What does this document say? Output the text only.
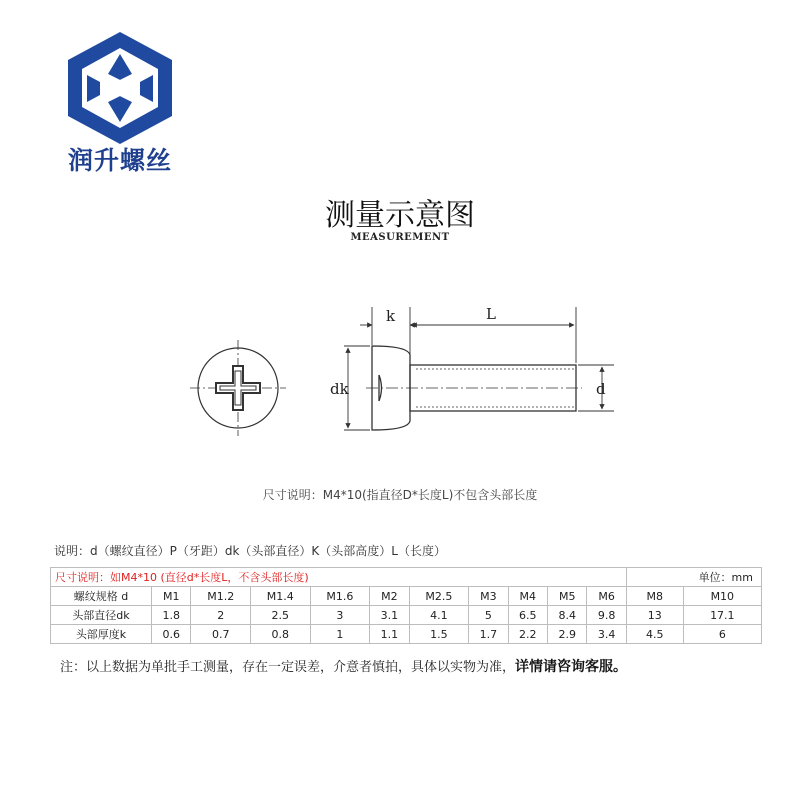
润升螺丝
测量示意图
MEASUREMENT
k	L
dk	d
尺寸说明：M4*10(指直径D*长度L)不包含头部长度
说明：d（螺纹直径）P（牙距）dk（头部直径）K（头部高度）L（长度）
尺寸说明：如M4*10 (直径d*长度L，不含头部长度)											单位：mm	
螺纹规格 d	M1	M1.2	M1.4	M1.6	M2	M2.5	M3	M4	M5	M6	M8	M10
头部直径dk	1.8	2	2.5	3	3.1	4.1	5	6.5	8.4	9.8	13	17.1
头部厚度k	0.6	0.7	0.8	1	1.1	1.5	1.7	2.2	2.9	3.4	4.5	6
注：以上数据为单批手工测量，存在一定误差，介意者慎拍，具体以实物为准，详情请咨询客服。
